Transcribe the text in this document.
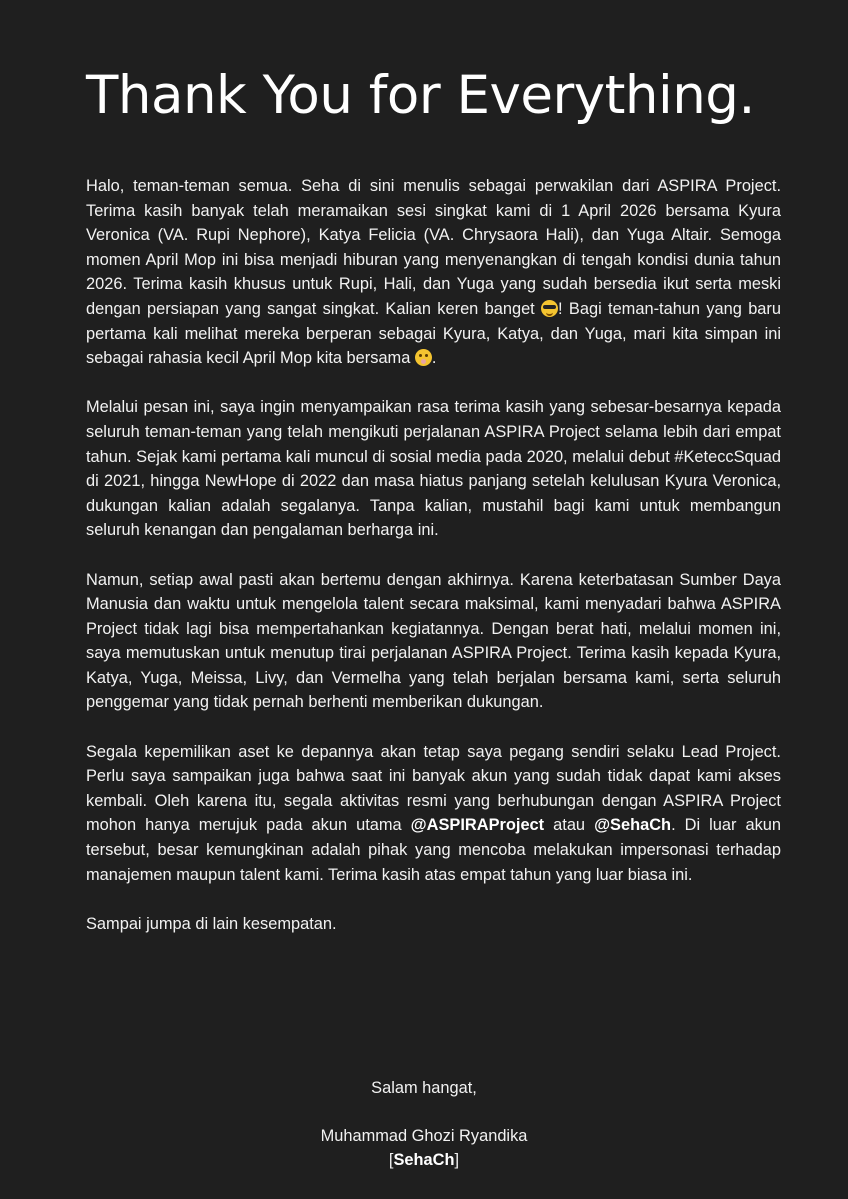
Thank You for Everything.

Halo, teman-teman semua. Seha di sini menulis sebagai perwakilan dari ASPIRA Project. Terima kasih banyak telah meramaikan sesi singkat kami di 1 April 2026 bersama Kyura Veronica (VA. Rupi Nephore), Katya Felicia (VA. Chrysaora Hali), dan Yuga Altair. Semoga momen April Mop ini bisa menjadi hiburan yang menyenangkan di tengah kondisi dunia tahun 2026. Terima kasih khusus untuk Rupi, Hali, dan Yuga yang sudah bersedia ikut serta meski dengan persiapan yang sangat singkat. Kalian keren banget ! Bagi teman-tahun yang baru pertama kali melihat mereka berperan sebagai Kyura, Katya, dan Yuga, mari kita simpan ini sebagai rahasia kecil April Mop kita bersama .

Melalui pesan ini, saya ingin menyampaikan rasa terima kasih yang sebesar-besarnya kepada seluruh teman-teman yang telah mengikuti perjalanan ASPIRA Project selama lebih dari empat tahun. Sejak kami pertama kali muncul di sosial media pada 2020, melalui debut #KeteccSquad di 2021, hingga NewHope di 2022 dan masa hiatus panjang setelah kelulusan Kyura Veronica, dukungan kalian adalah segalanya. Tanpa kalian, mustahil bagi kami untuk membangun seluruh kenangan dan pengalaman berharga ini.

Namun, setiap awal pasti akan bertemu dengan akhirnya. Karena keterbatasan Sumber Daya Manusia dan waktu untuk mengelola talent secara maksimal, kami menyadari bahwa ASPIRA Project tidak lagi bisa mempertahankan kegiatannya. Dengan berat hati, melalui momen ini, saya memutuskan untuk menutup tirai perjalanan ASPIRA Project. Terima kasih kepada Kyura, Katya, Yuga, Meissa, Livy, dan Vermelha yang telah berjalan bersama kami, serta seluruh penggemar yang tidak pernah berhenti memberikan dukungan.

Segala kepemilikan aset ke depannya akan tetap saya pegang sendiri selaku Lead Project. Perlu saya sampaikan juga bahwa saat ini banyak akun yang sudah tidak dapat kami akses kembali. Oleh karena itu, segala aktivitas resmi yang berhubungan dengan ASPIRA Project mohon hanya merujuk pada akun utama @ASPIRAProject atau @SehaCh. Di luar akun tersebut, besar kemungkinan adalah pihak yang mencoba melakukan impersonasi terhadap manajemen maupun talent kami. Terima kasih atas empat tahun yang luar biasa ini.

Sampai jumpa di lain kesempatan.

Salam hangat,

Muhammad Ghozi Ryandika

[SehaCh]
